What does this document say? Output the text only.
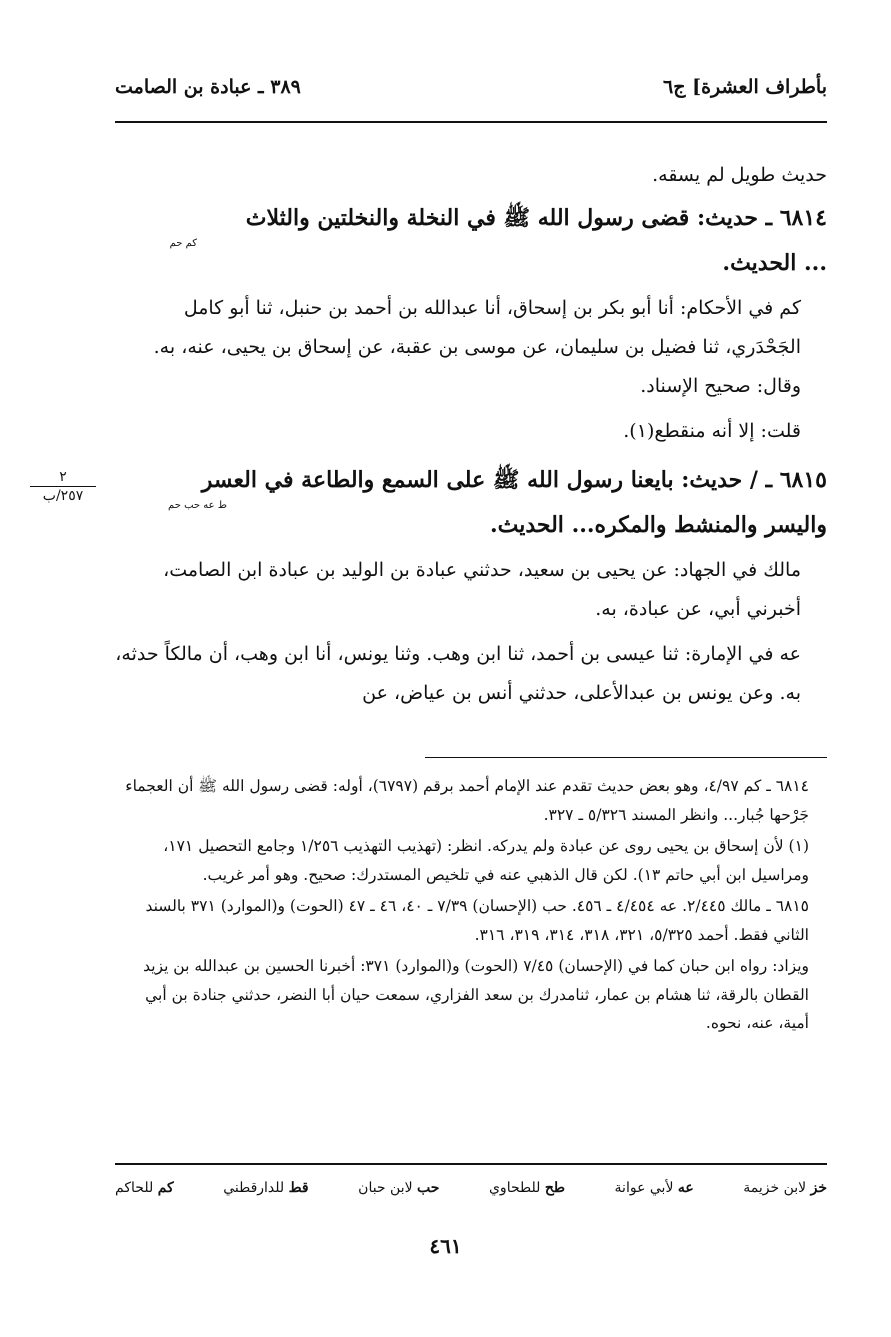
٣٨٩ ـ عبادة بن الصامت	بأطراف العشرة] ج٦

حديث طويل لم يسقه.

٦٨١٤ ـ حديث: قضى رسول الله ﷺ في النخلة والنخلتين والثلاث

كم حم

... الحديث.

كم في الأحكام: أنا أبو بكر بن إسحاق، أنا عبدالله بن أحمد بن حنبل، ثنا أبو كامل الجَحْدَري، ثنا فضيل بن سليمان، عن موسى بن عقبة، عن إسحاق بن يحيى، عنه، به. وقال: صحيح الإسناد.

قلت: إلا أنه منقطع(١).

٦٨١٥ ـ / حديث: بايعنا رسول الله ﷺ على السمع والطاعة في العسر

ط عه حب حم

واليسر والمنشط والمكره... الحديث.

مالك في الجهاد: عن يحيى بن سعيد، حدثني عبادة بن الوليد بن عبادة ابن الصامت، أخبرني أبي، عن عبادة، به.

عه في الإمارة: ثنا عيسى بن أحمد، ثنا ابن وهب. وثنا يونس، أنا ابن وهب، أن مالكاً حدثه، به. وعن يونس بن عبدالأعلى، حدثني أنس بن عياض، عن

٢
٢٥٧/ب

٦٨١٤ ـ كم ٤/٩٧، وهو بعض حديث تقدم عند الإمام أحمد برقم (٦٧٩٧)، أوله: قضى رسول الله ﷺ أن العجماء جَرْحها جُبار... وانظر المسند ٥/٣٢٦ ـ ٣٢٧.

(١) لأن إسحاق بن يحيى روى عن عبادة ولم يدركه. انظر: (تهذيب التهذيب ١/٢٥٦ وجامع التحصيل ١٧١، ومراسيل ابن أبي حاتم ١٣). لكن قال الذهبي عنه في تلخيص المستدرك: صحيح. وهو أمر غريب.

٦٨١٥ ـ مالك ٢/٤٤٥. عه ٤/٤٥٤ ـ ٤٥٦. حب (الإحسان) ٧/٣٩ ـ ٤٠، ٤٦ ـ ٤٧ (الحوت) و(الموارد) ٣٧١ بالسند الثاني فقط. أحمد ٥/٣٢٥، ٣٢١، ٣١٨، ٣١٤، ٣١٩، ٣١٦.

ويزاد: رواه ابن حبان كما في (الإحسان) ٧/٤٥ (الحوت) و(الموارد) ٣٧١: أخبرنا الحسين بن عبدالله بن يزيد القطان بالرقة، ثنا هشام بن عمار، ثنامدرك بن سعد الفزاري، سمعت حيان أبا النضر، حدثني جنادة بن أبي أمية، عنه، نحوه.

خز لابن خزيمة
عه لأبي عوانة
طح للطحاوي
حب لابن حبان
قط للدارقطني
كم للحاكم
٤٦١
